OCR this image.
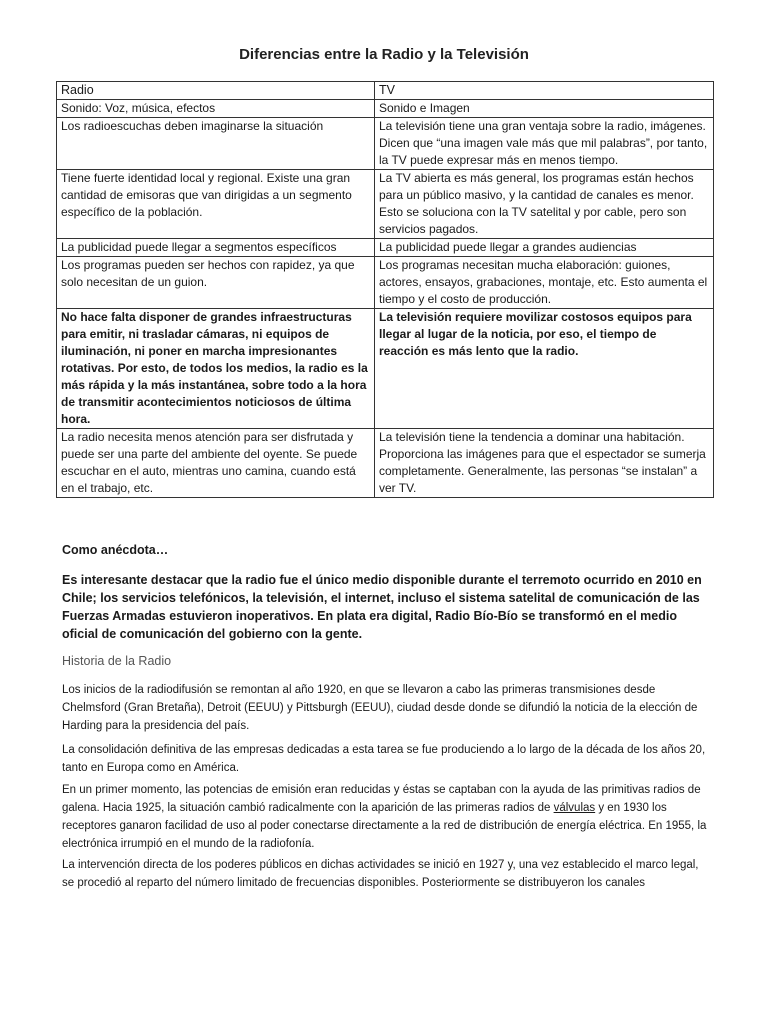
Diferencias entre la Radio y la Televisión
Radio	TV
Sonido: Voz, música, efectos	Sonido e Imagen
Los radioescuchas deben imaginarse la situación	La televisión tiene una gran ventaja sobre la radio, imágenes. Dicen que “una imagen vale más que mil palabras”, por tanto, la TV puede expresar más en menos tiempo.
Tiene fuerte identidad local y regional. Existe una gran cantidad de emisoras que van dirigidas a un segmento específico de la población.	La TV abierta es más general, los programas están hechos para un público masivo, y la cantidad de canales es menor. Esto se soluciona con la TV satelital y por cable, pero son servicios pagados.
La publicidad puede llegar a segmentos específicos	La publicidad puede llegar a grandes audiencias
Los programas pueden ser hechos con rapidez, ya que solo necesitan de un guion.	Los programas necesitan mucha elaboración: guiones, actores, ensayos, grabaciones, montaje, etc. Esto aumenta el tiempo y el costo de producción.
No hace falta disponer de grandes infraestructuras para emitir, ni trasladar cámaras, ni equipos de iluminación, ni poner en marcha impresionantes rotativas. Por esto, de todos los medios, la radio es la más rápida y la más instantánea, sobre todo a la hora de transmitir acontecimientos noticiosos de última hora.	La televisión requiere movilizar costosos equipos para llegar al lugar de la noticia, por eso, el tiempo de reacción es más lento que la radio.
La radio necesita menos atención para ser disfrutada y puede ser una parte del ambiente del oyente. Se puede escuchar en el auto, mientras uno camina, cuando está en el trabajo, etc.	La televisión tiene la tendencia a dominar una habitación. Proporciona las imágenes para que el espectador se sumerja completamente. Generalmente, las personas “se instalan” a ver TV.
Como anécdota…
Es interesante destacar que la radio fue el único medio disponible durante el terremoto ocurrido en 2010 en Chile; los servicios telefónicos, la televisión, el internet, incluso el sistema satelital de comunicación de las Fuerzas Armadas estuvieron inoperativos. En plata era digital, Radio Bío-Bío se transformó en el medio oficial de comunicación del gobierno con la gente.
Historia de la Radio
Los inicios de la radiodifusión se remontan al año 1920, en que se llevaron a cabo las primeras transmisiones desde Chelmsford (Gran Bretaña), Detroit (EEUU) y Pittsburgh (EEUU), ciudad desde donde se difundió la noticia de la elección de Harding para la presidencia del país.
La consolidación definitiva de las empresas dedicadas a esta tarea se fue produciendo a lo largo de la década de los años 20, tanto en Europa como en América.
En un primer momento, las potencias de emisión eran reducidas y éstas se captaban con la ayuda de las primitivas radios de galena. Hacia 1925, la situación cambió radicalmente con la aparición de las primeras radios de válvulas y en 1930 los receptores ganaron facilidad de uso al poder conectarse directamente a la red de distribución de energía eléctrica. En 1955, la electrónica irrumpió en el mundo de la radiofonía.
La intervención directa de los poderes públicos en dichas actividades se inició en 1927 y, una vez establecido el marco legal, se procedió al reparto del número limitado de frecuencias disponibles. Posteriormente se distribuyeron los canales
